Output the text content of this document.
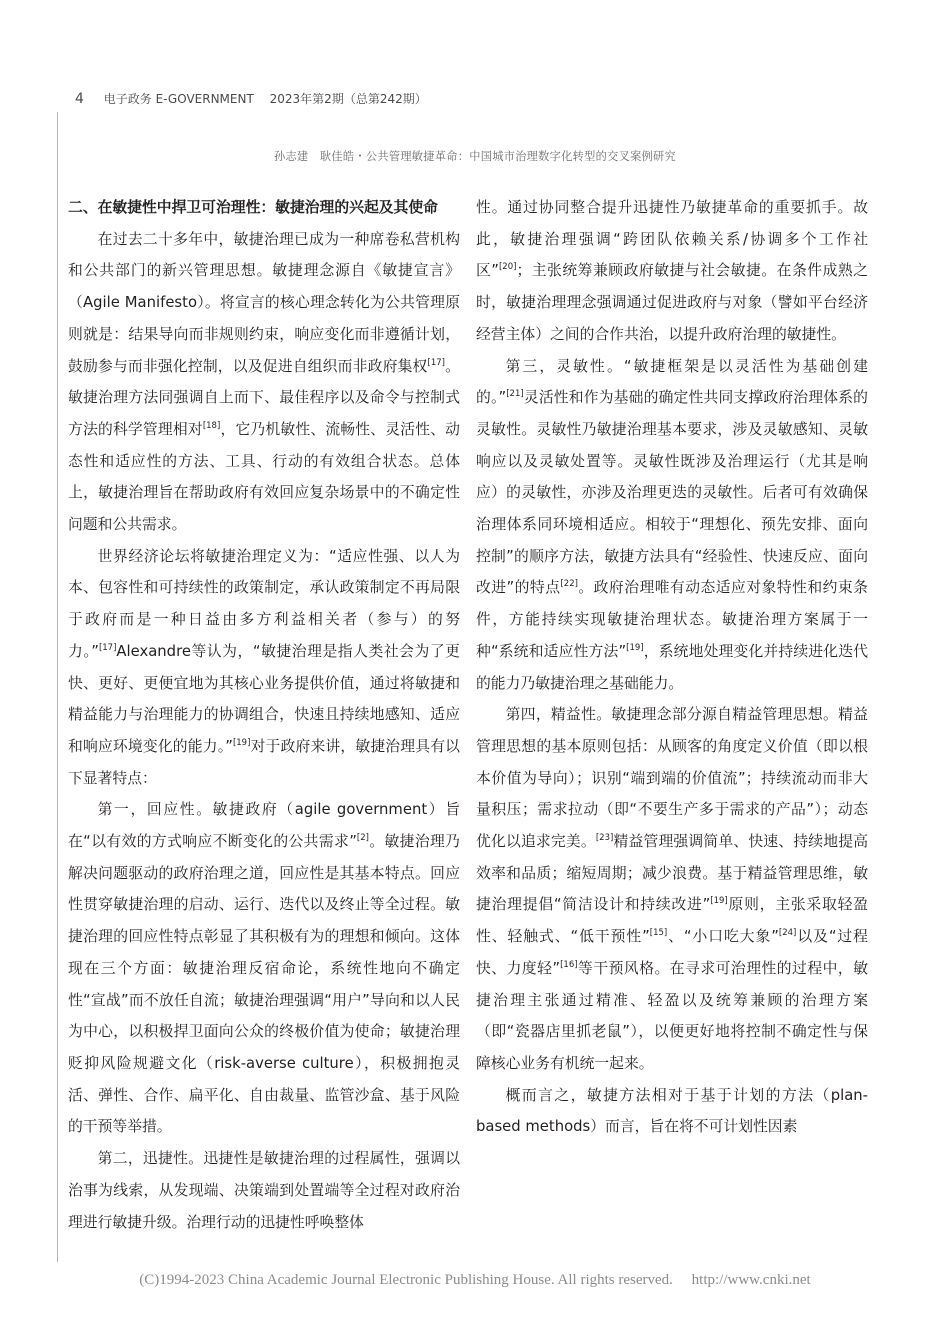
4 电子政务 E-GOVERNMENT 2023年第2期（总第242期）
孙志建　耿佳皓・公共管理敏捷革命：中国城市治理数字化转型的交叉案例研究
二、在敏捷性中捍卫可治理性：敏捷治理的兴起及其使命

在过去二十多年中，敏捷治理已成为一种席卷私营机构和公共部门的新兴管理思想。敏捷理念源自《敏捷宣言》（Agile Manifesto）。将宣言的核心理念转化为公共管理原则就是：结果导向而非规则约束，响应变化而非遵循计划，鼓励参与而非强化控制，以及促进自组织而非政府集权[17]。敏捷治理方法同强调自上而下、最佳程序以及命令与控制式方法的科学管理相对[18]，它乃机敏性、流畅性、灵活性、动态性和适应性的方法、工具、行动的有效组合状态。总体上，敏捷治理旨在帮助政府有效回应复杂场景中的不确定性问题和公共需求。

世界经济论坛将敏捷治理定义为：“适应性强、以人为本、包容性和可持续性的政策制定，承认政策制定不再局限于政府而是一种日益由多方利益相关者（参与）的努力。”[17]Alexandre等认为，“敏捷治理是指人类社会为了更快、更好、更便宜地为其核心业务提供价值，通过将敏捷和精益能力与治理能力的协调组合，快速且持续地感知、适应和响应环境变化的能力。”[19]对于政府来讲，敏捷治理具有以下显著特点：

第一，回应性。敏捷政府（agile government）旨在“以有效的方式响应不断变化的公共需求”[2]。敏捷治理乃解决问题驱动的政府治理之道，回应性是其基本特点。回应性贯穿敏捷治理的启动、运行、迭代以及终止等全过程。敏捷治理的回应性特点彰显了其积极有为的理想和倾向。这体现在三个方面：敏捷治理反宿命论，系统性地向不确定性“宣战”而不放任自流；敏捷治理强调“用户”导向和以人民为中心，以积极捍卫面向公众的终极价值为使命；敏捷治理贬抑风险规避文化（risk-averse culture），积极拥抱灵活、弹性、合作、扁平化、自由裁量、监管沙盒、基于风险的干预等举措。

第二，迅捷性。迅捷性是敏捷治理的过程属性，强调以治事为线索，从发现端、决策端到处置端等全过程对政府治理进行敏捷升级。治理行动的迅捷性呼唤整体

性。通过协同整合提升迅捷性乃敏捷革命的重要抓手。故此，敏捷治理强调“跨团队依赖关系/协调多个工作社区”[20]；主张统筹兼顾政府敏捷与社会敏捷。在条件成熟之时，敏捷治理理念强调通过促进政府与对象（譬如平台经济经营主体）之间的合作共治，以提升政府治理的敏捷性。

第三，灵敏性。“敏捷框架是以灵活性为基础创建的。”[21]灵活性和作为基础的确定性共同支撑政府治理体系的灵敏性。灵敏性乃敏捷治理基本要求，涉及灵敏感知、灵敏响应以及灵敏处置等。灵敏性既涉及治理运行（尤其是响应）的灵敏性，亦涉及治理更迭的灵敏性。后者可有效确保治理体系同环境相适应。相较于“理想化、预先安排、面向控制”的顺序方法，敏捷方法具有“经验性、快速反应、面向改进”的特点[22]。政府治理唯有动态适应对象特性和约束条件，方能持续实现敏捷治理状态。敏捷治理方案属于一种“系统和适应性方法”[19]，系统地处理变化并持续进化迭代的能力乃敏捷治理之基础能力。

第四，精益性。敏捷理念部分源自精益管理思想。精益管理思想的基本原则包括：从顾客的角度定义价值（即以根本价值为导向）；识别“端到端的价值流”；持续流动而非大量积压；需求拉动（即“不要生产多于需求的产品”）；动态优化以追求完美。[23]精益管理强调简单、快速、持续地提高效率和品质；缩短周期；减少浪费。基于精益管理思维，敏捷治理提倡“简洁设计和持续改进”[19]原则，主张采取轻盈性、轻触式、“低干预性”[15]、“小口吃大象”[24]以及“过程快、力度轻”[16]等干预风格。在寻求可治理性的过程中，敏捷治理主张通过精准、轻盈以及统筹兼顾的治理方案（即“瓷器店里抓老鼠”），以便更好地将控制不确定性与保障核心业务有机统一起来。

概而言之，敏捷方法相对于基于计划的方法（plan-based methods）而言，旨在将不可计划性因素

(C)1994-2023 China Academic Journal Electronic Publishing House. All rights reserved.　 http://www.cnki.net
